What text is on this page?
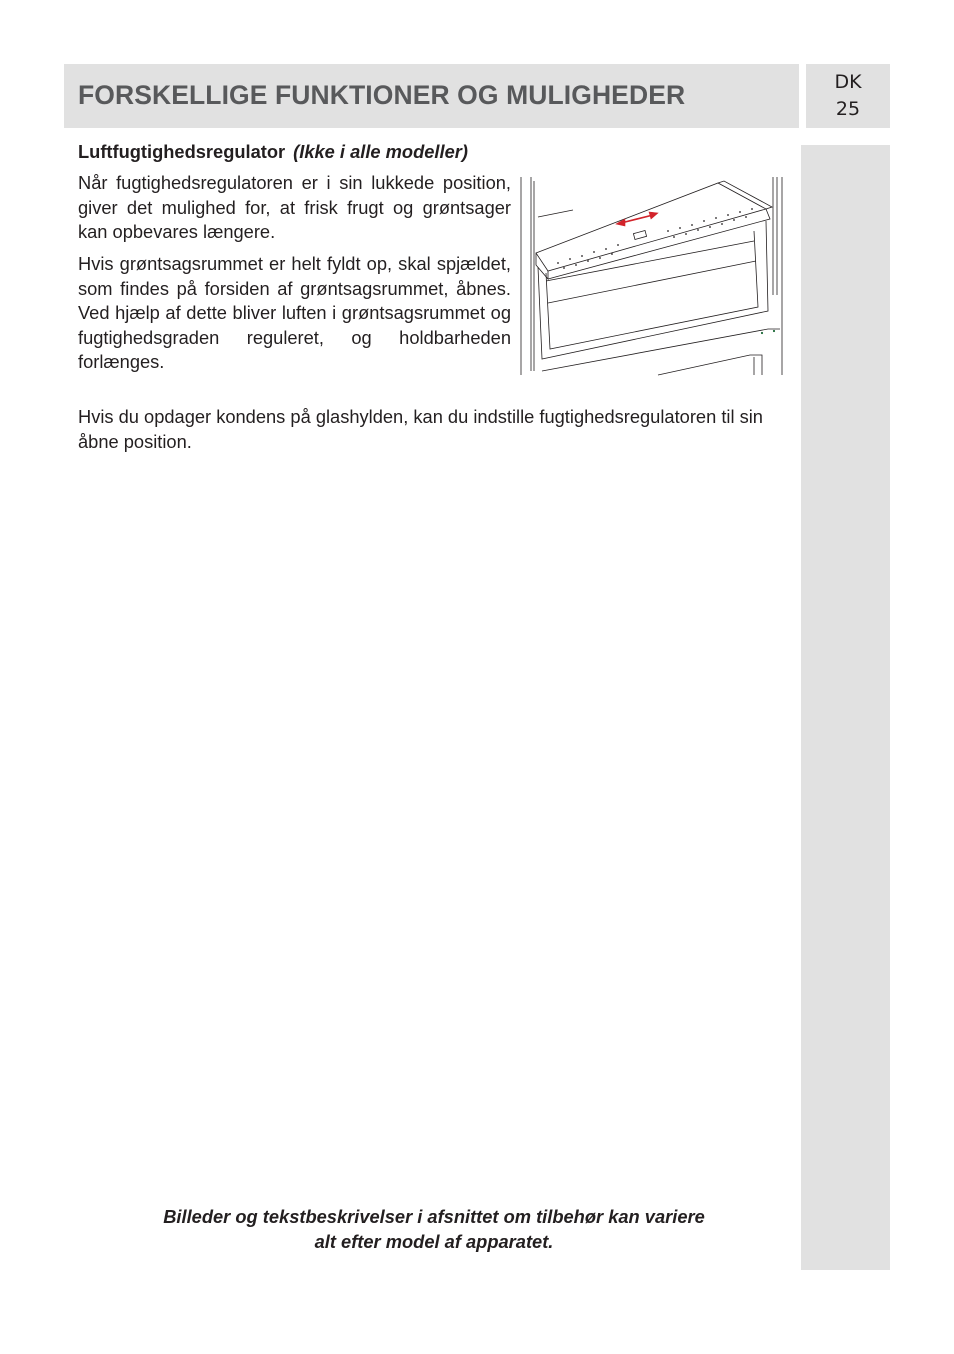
FORSKELLIGE FUNKTIONER OG MULIGHEDER	DK
25
Luftfugtighedsregulator (Ikke i alle modeller)

Når fugtighedsregulatoren er i sin lukkede position, giver det mulighed for, at frisk frugt og grøntsager kan opbevares længere.

Hvis grøntsagsrummet er helt fyldt op, skal spjældet, som findes på forsiden af grøntsagsrummet, åbnes. Ved hjælp af dette bliver luften i grøntsagsrummet og fugtighedsgraden reguleret, og holdbarheden forlænges.

Hvis du opdager kondens på glashylden, kan du indstille fugtighedsregulatoren til sin åbne position.

Billeder og tekstbeskrivelser i afsnittet om tilbehør kan variere
alt efter model af apparatet.
